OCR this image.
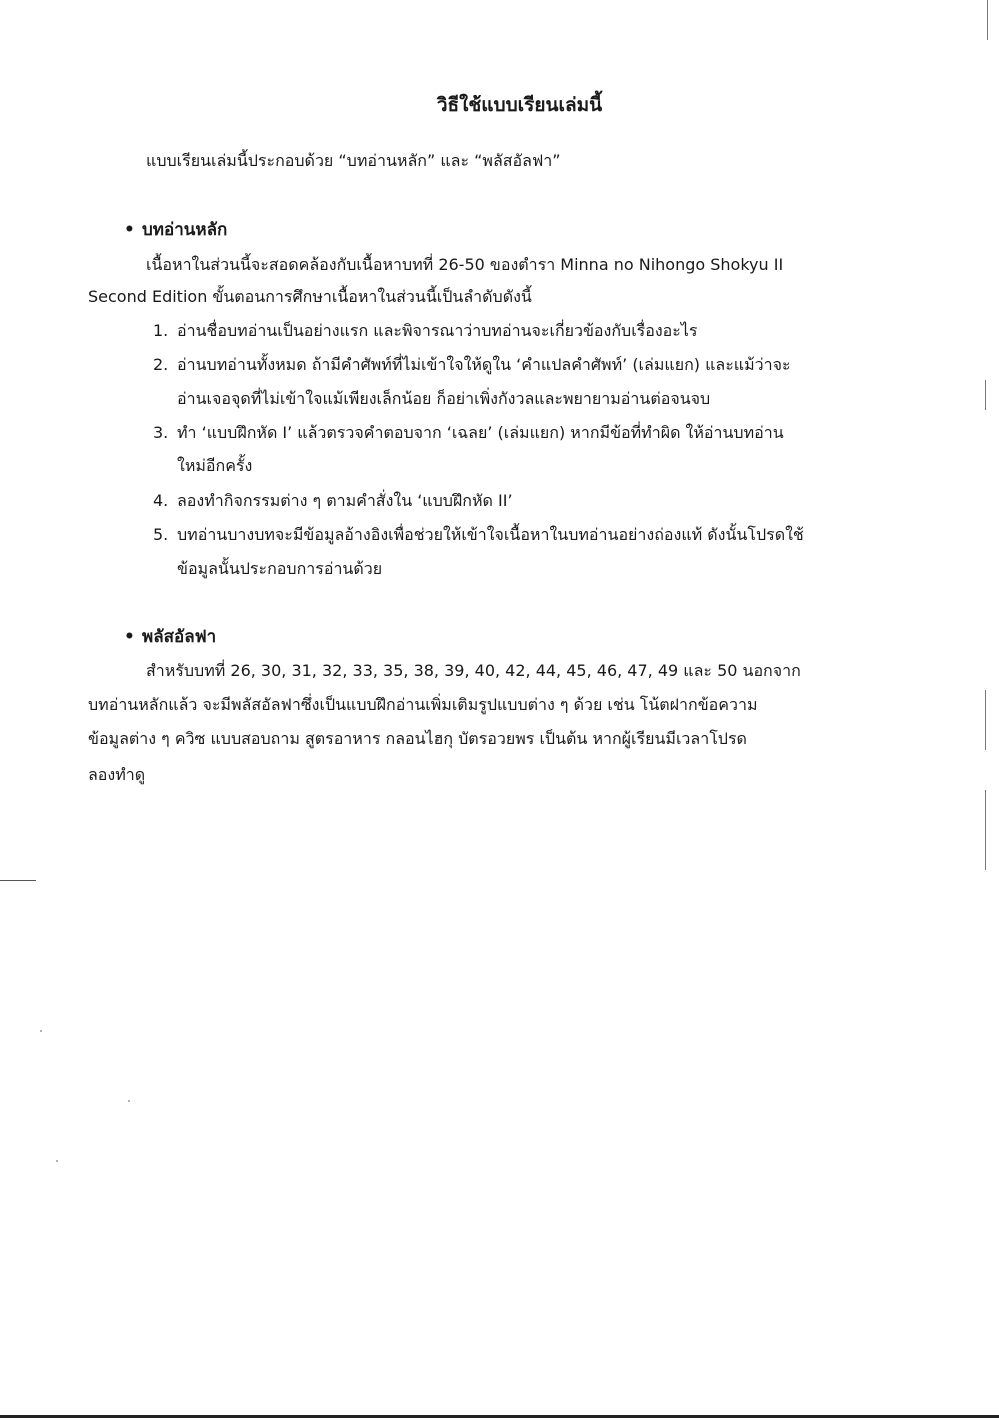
วิธีใช้แบบเรียนเล่มนี้
แบบเรียนเล่มนี้ประกอบด้วย “บทอ่านหลัก” และ “พลัสอัลฟา”
• บทอ่านหลัก
เนื้อหาในส่วนนี้จะสอดคล้องกับเนื้อหาบทที่ 26-50 ของตำรา Minna no Nihongo Shokyu II
Second Edition ขั้นตอนการศึกษาเนื้อหาในส่วนนี้เป็นลำดับดังนี้
1. อ่านชื่อบทอ่านเป็นอย่างแรก และพิจารณาว่าบทอ่านจะเกี่ยวข้องกับเรื่องอะไร
2. อ่านบทอ่านทั้งหมด ถ้ามีคำศัพท์ที่ไม่เข้าใจให้ดูใน ‘คำแปลคำศัพท์’ (เล่มแยก) และแม้ว่าจะ
อ่านเจอจุดที่ไม่เข้าใจแม้เพียงเล็กน้อย ก็อย่าเพิ่งกังวลและพยายามอ่านต่อจนจบ
3. ทำ ‘แบบฝึกหัด I’ แล้วตรวจคำตอบจาก ‘เฉลย’ (เล่มแยก) หากมีข้อที่ทำผิด ให้อ่านบทอ่าน
ใหม่อีกครั้ง
4. ลองทำกิจกรรมต่าง ๆ ตามคำสั่งใน ‘แบบฝึกหัด II’
5. บทอ่านบางบทจะมีข้อมูลอ้างอิงเพื่อช่วยให้เข้าใจเนื้อหาในบทอ่านอย่างถ่องแท้ ดังนั้นโปรดใช้
ข้อมูลนั้นประกอบการอ่านด้วย
• พลัสอัลฟา
สำหรับบทที่ 26, 30, 31, 32, 33, 35, 38, 39, 40, 42, 44, 45, 46, 47, 49 และ 50 นอกจาก
บทอ่านหลักแล้ว จะมีพลัสอัลฟาซึ่งเป็นแบบฝึกอ่านเพิ่มเติมรูปแบบต่าง ๆ ด้วย เช่น โน้ตฝากข้อความ
ข้อมูลต่าง ๆ ควิซ แบบสอบถาม สูตรอาหาร กลอนไฮกุ บัตรอวยพร เป็นต้น หากผู้เรียนมีเวลาโปรด
ลองทำดู
